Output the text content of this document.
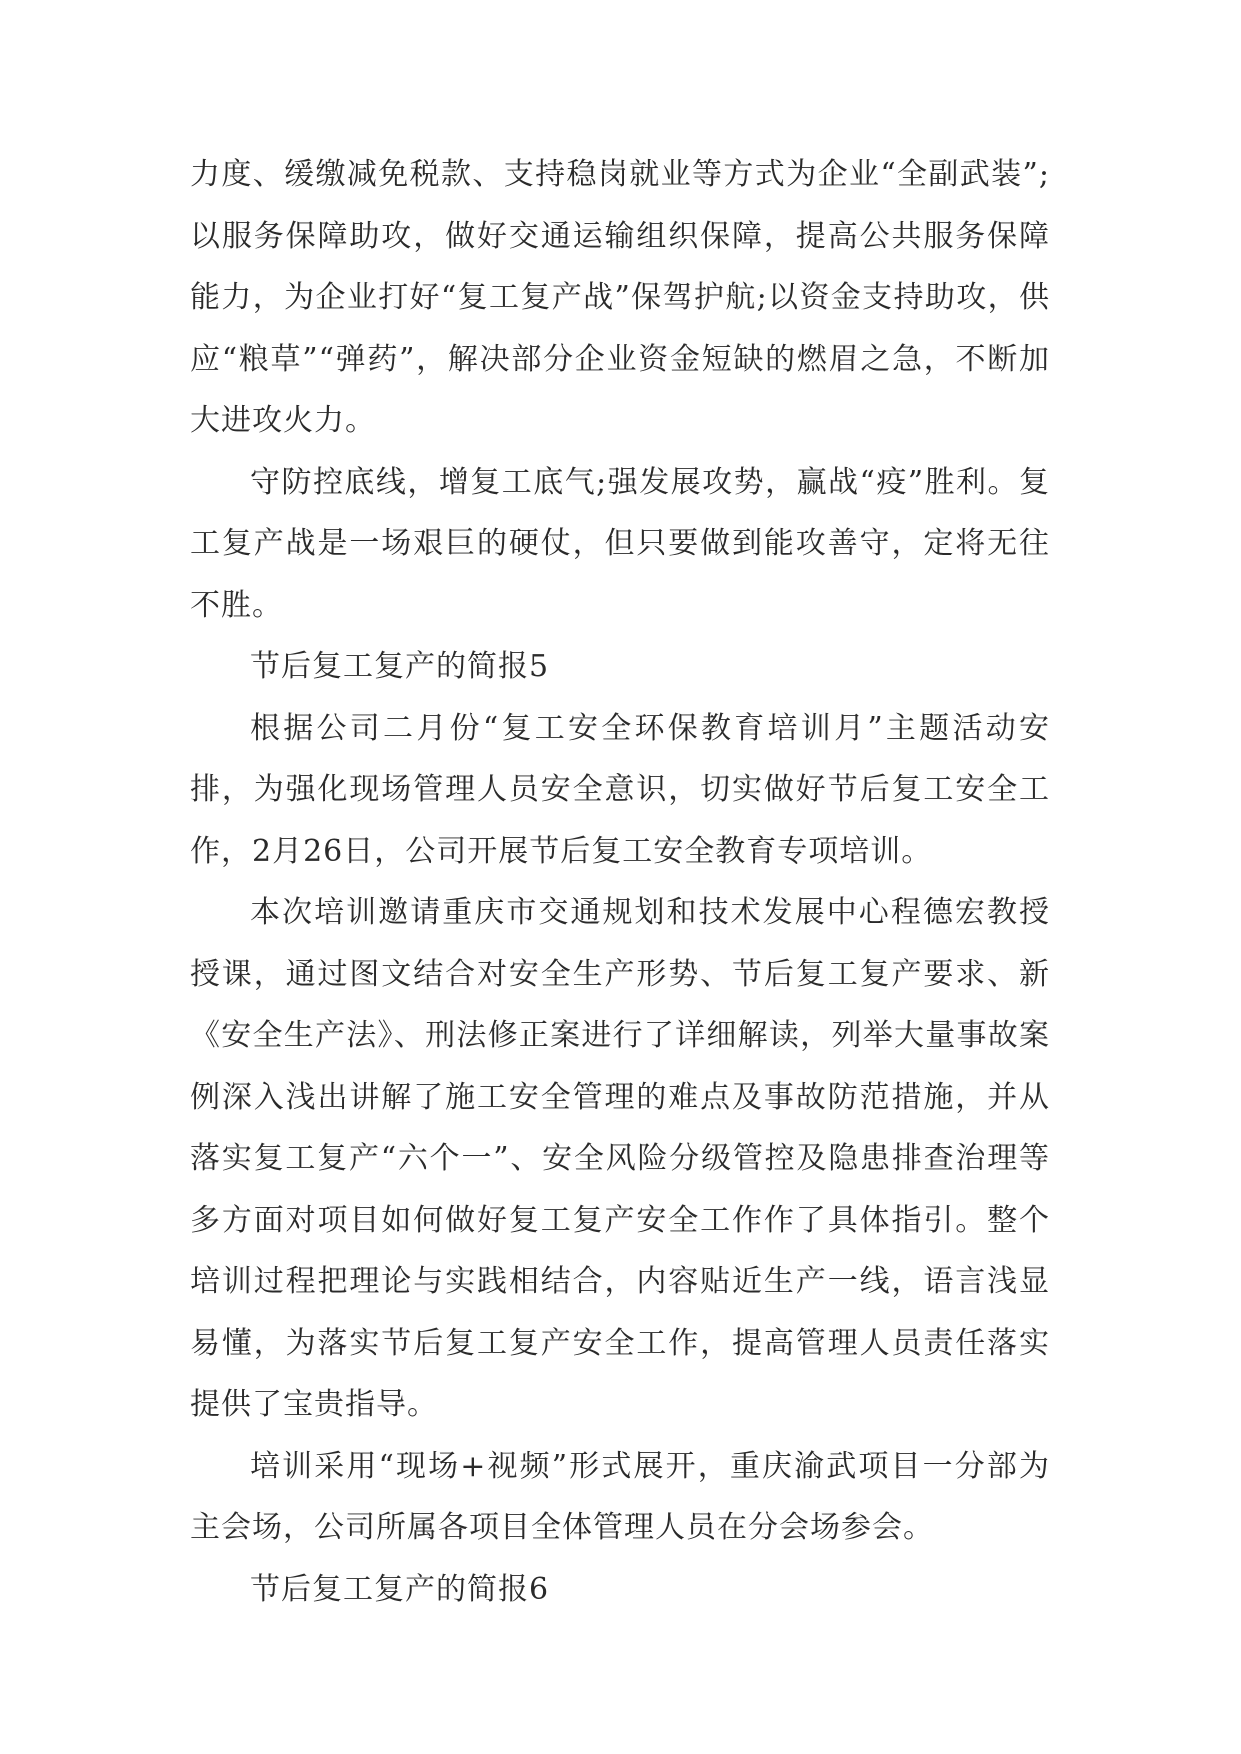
力度、缓缴减免税款、支持稳岗就业等方式为企业“全副武装”;以服务保障助攻，做好交通运输组织保障，提高公共服务保障能力，为企业打好“复工复产战”保驾护航;以资金支持助攻，供应“粮草”“弹药”，解决部分企业资金短缺的燃眉之急，不断加大进攻火力。

守防控底线，增复工底气;强发展攻势，赢战“疫”胜利。复工复产战是一场艰巨的硬仗，但只要做到能攻善守，定将无往不胜。

节后复工复产的简报5

根据公司二月份“复工安全环保教育培训月”主题活动安排，为强化现场管理人员安全意识，切实做好节后复工安全工作，2月26日，公司开展节后复工安全教育专项培训。

本次培训邀请重庆市交通规划和技术发展中心程德宏教授授课，通过图文结合对安全生产形势、节后复工复产要求、新《安全生产法》、刑法修正案进行了详细解读，列举大量事故案例深入浅出讲解了施工安全管理的难点及事故防范措施，并从落实复工复产“六个一”、安全风险分级管控及隐患排查治理等多方面对项目如何做好复工复产安全工作作了具体指引。整个培训过程把理论与实践相结合，内容贴近生产一线，语言浅显易懂，为落实节后复工复产安全工作，提高管理人员责任落实提供了宝贵指导。

培训采用“现场+视频”形式展开，重庆渝武项目一分部为主会场，公司所属各项目全体管理人员在分会场参会。

节后复工复产的简报6
